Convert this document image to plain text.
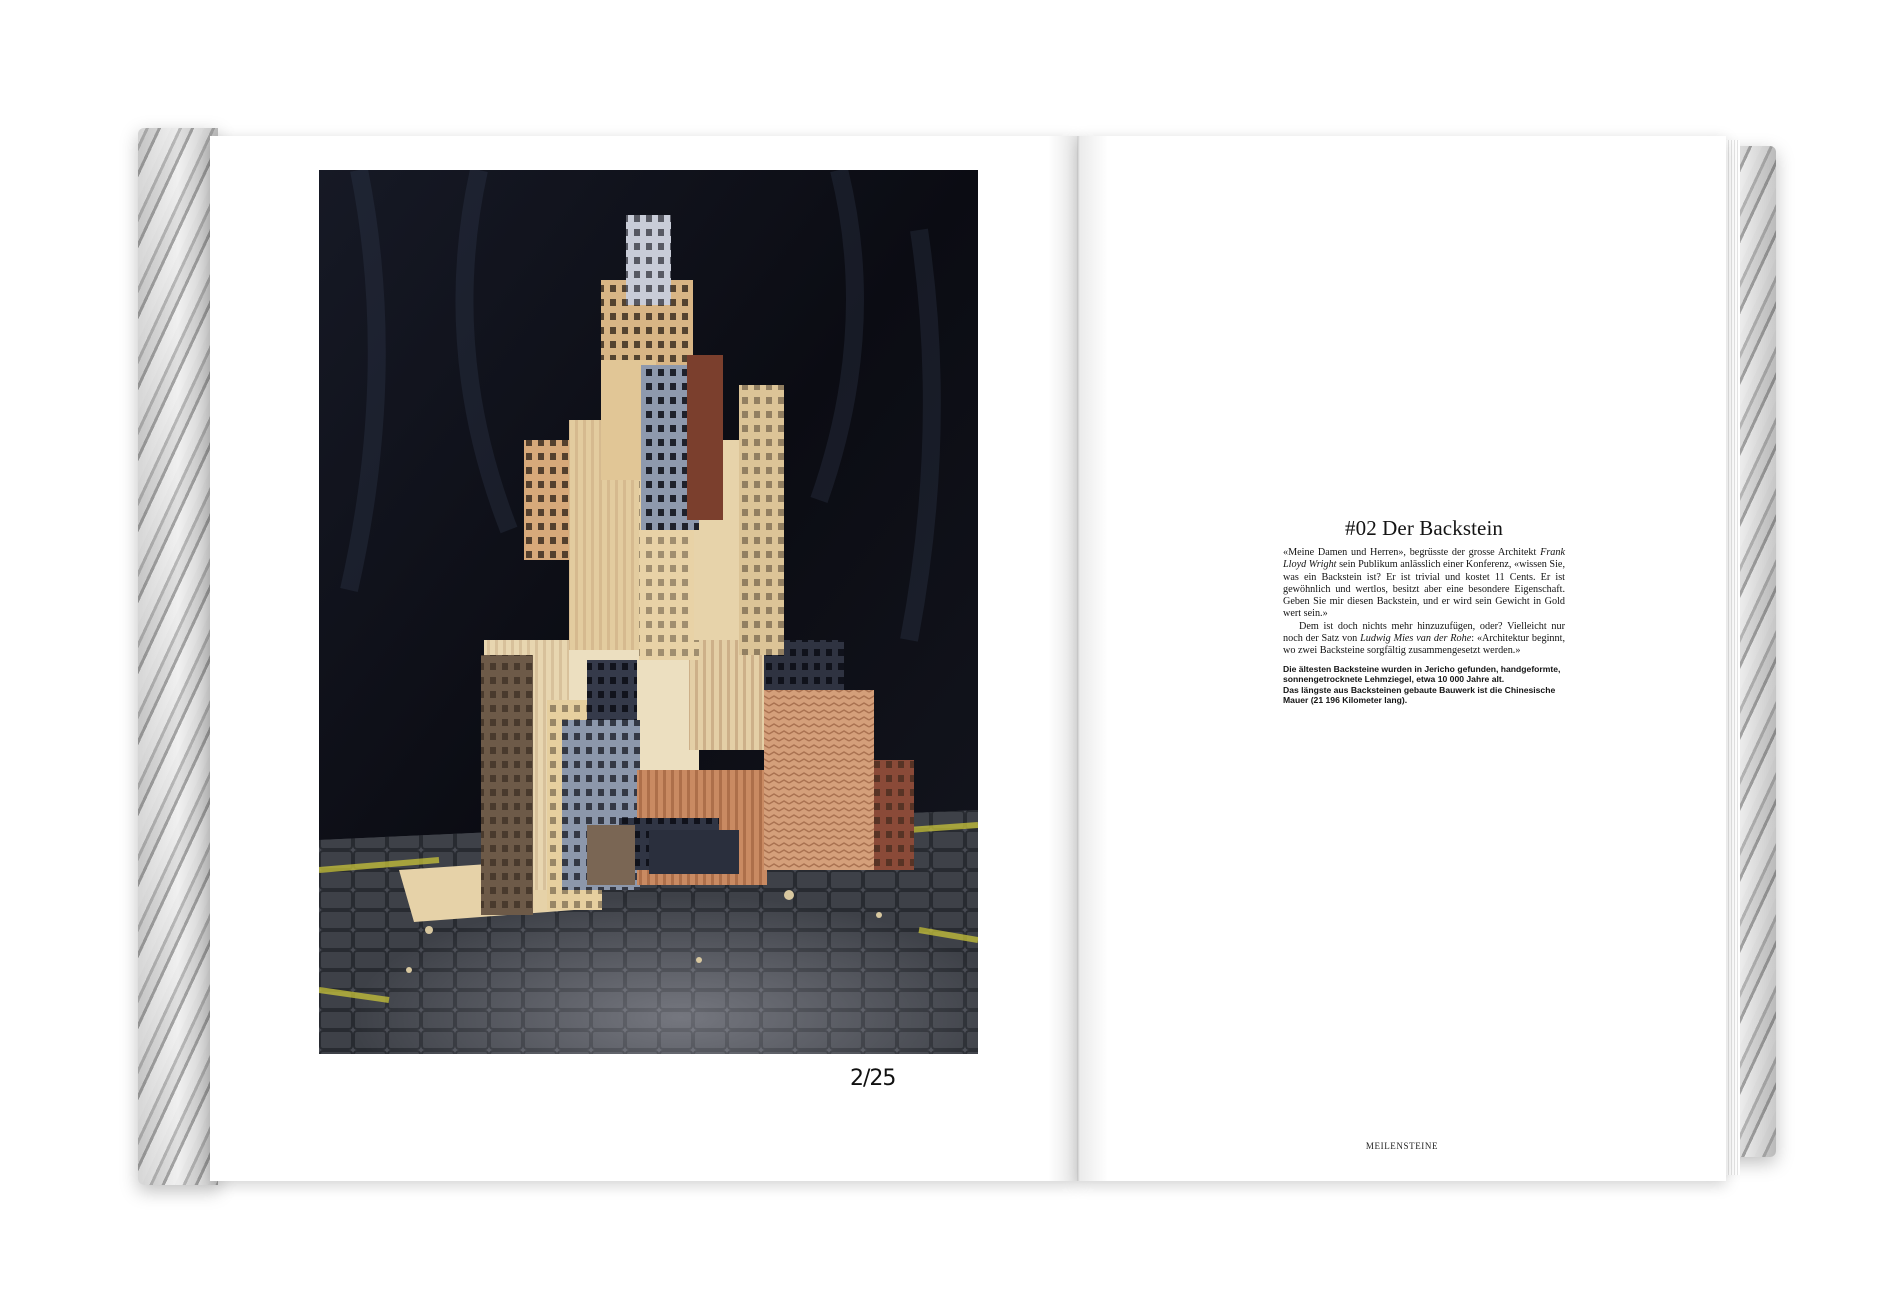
2/25
#02 Der Backstein

«Meine Damen und Herren», begrüsste der grosse Architekt Frank Lloyd Wright sein Publikum anlässlich einer Konferenz, «wissen Sie, was ein Backstein ist? Er ist trivial und kostet 11 Cents. Er ist gewöhnlich und wertlos, besitzt aber eine besondere Eigenschaft. Geben Sie mir diesen Backstein, und er wird sein Gewicht in Gold wert sein.»

Dem ist doch nichts mehr hinzuzufügen, oder? Vielleicht nur noch der Satz von Ludwig Mies van der Rohe: «Architektur beginnt, wo zwei Backsteine sorgfältig zusammengesetzt werden.»

Die ältesten Backsteine wurden in Jericho gefunden, handgeformte, sonnengetrocknete Lehmziegel, etwa 10 000 Jahre alt.
Das längste aus Backsteinen gebaute Bauwerk ist die Chinesische Mauer (21 196 Kilometer lang).
MEILENSTEINE
